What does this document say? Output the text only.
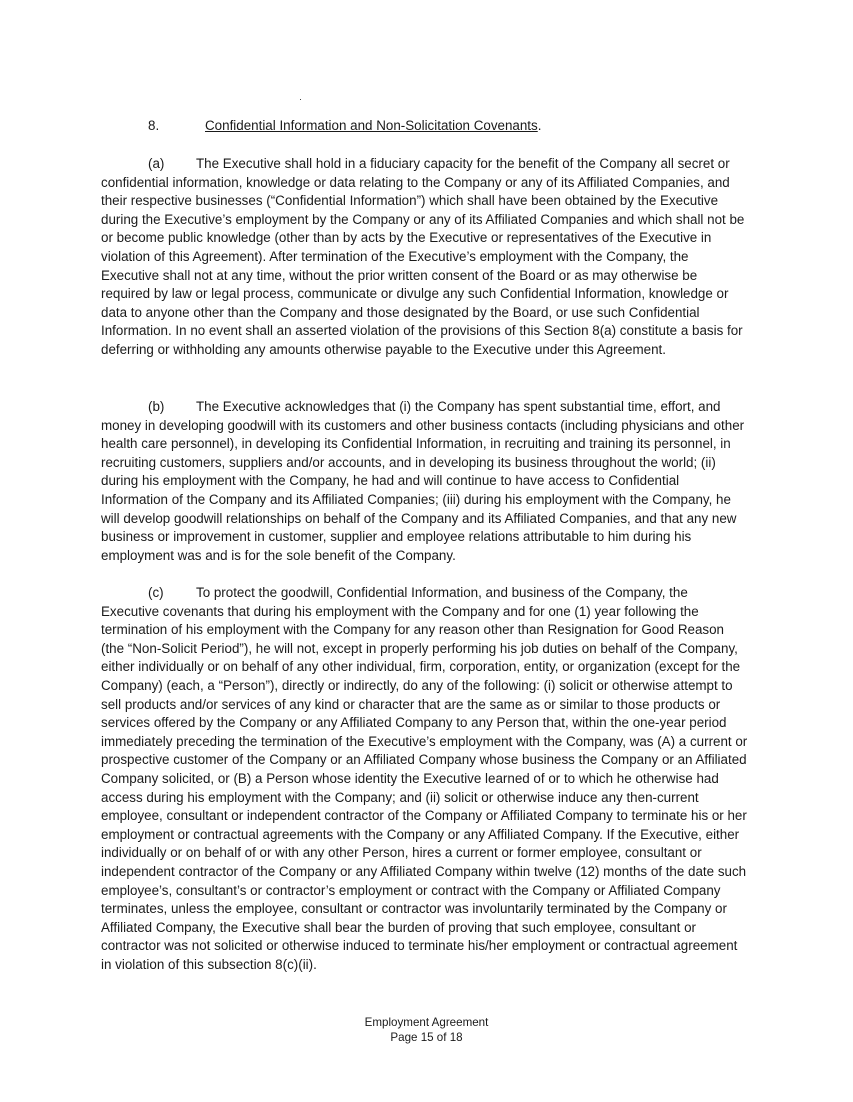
8.	Confidential Information and Non-Solicitation Covenants.
(a) The Executive shall hold in a fiduciary capacity for the benefit of the Company all secret or confidential information, knowledge or data relating to the Company or any of its Affiliated Companies, and their respective businesses (“Confidential Information”) which shall have been obtained by the Executive during the Executive’s employment by the Company or any of its Affiliated Companies and which shall not be or become public knowledge (other than by acts by the Executive or representatives of the Executive in violation of this Agreement). After termination of the Executive’s employment with the Company, the Executive shall not at any time, without the prior written consent of the Board or as may otherwise be required by law or legal process, communicate or divulge any such Confidential Information, knowledge or data to anyone other than the Company and those designated by the Board, or use such Confidential Information. In no event shall an asserted violation of the provisions of this Section 8(a) constitute a basis for deferring or withholding any amounts otherwise payable to the Executive under this Agreement.
(b) The Executive acknowledges that (i) the Company has spent substantial time, effort, and money in developing goodwill with its customers and other business contacts (including physicians and other health care personnel), in developing its Confidential Information, in recruiting and training its personnel, in recruiting customers, suppliers and/or accounts, and in developing its business throughout the world; (ii) during his employment with the Company, he had and will continue to have access to Confidential Information of the Company and its Affiliated Companies; (iii) during his employment with the Company, he will develop goodwill relationships on behalf of the Company and its Affiliated Companies, and that any new business or improvement in customer, supplier and employee relations attributable to him during his employment was and is for the sole benefit of the Company.
(c) To protect the goodwill, Confidential Information, and business of the Company, the Executive covenants that during his employment with the Company and for one (1) year following the termination of his employment with the Company for any reason other than Resignation for Good Reason (the “Non-Solicit Period”), he will not, except in properly performing his job duties on behalf of the Company, either individually or on behalf of any other individual, firm, corporation, entity, or organization (except for the Company) (each, a “Person”), directly or indirectly, do any of the following: (i) solicit or otherwise attempt to sell products and/or services of any kind or character that are the same as or similar to those products or services offered by the Company or any Affiliated Company to any Person that, within the one-year period immediately preceding the termination of the Executive’s employment with the Company, was (A) a current or prospective customer of the Company or an Affiliated Company whose business the Company or an Affiliated Company solicited, or (B) a Person whose identity the Executive learned of or to which he otherwise had access during his employment with the Company; and (ii) solicit or otherwise induce any then-current employee, consultant or independent contractor of the Company or Affiliated Company to terminate his or her employment or contractual agreements with the Company or any Affiliated Company. If the Executive, either individually or on behalf of or with any other Person, hires a current or former employee, consultant or independent contractor of the Company or any Affiliated Company within twelve (12) months of the date such employee’s, consultant’s or contractor’s employment or contract with the Company or Affiliated Company terminates, unless the employee, consultant or contractor was involuntarily terminated by the Company or Affiliated Company, the Executive shall bear the burden of proving that such employee, consultant or contractor was not solicited or otherwise induced to terminate his/her employment or contractual agreement in violation of this subsection 8(c)(ii).
Employment Agreement
Page 15 of 18
